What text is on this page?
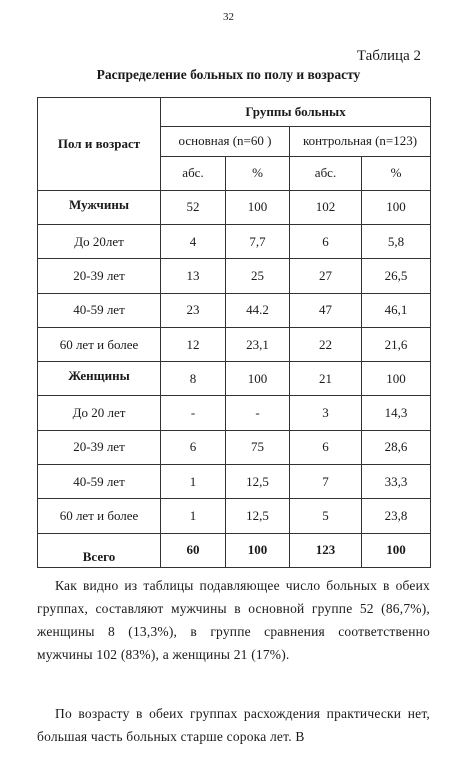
32
Таблица 2
Распределение больных по полу и возрасту
Пол и возраст	Группы больных			
	основная (n=60 )		контрольная (n=123)	
	абс.	%	абс.	%
Мужчины	52	100	102	100
До 20лет	4	7,7	6	5,8
20-39 лет	13	25	27	26,5
40-59 лет	23	44.2	47	46,1
60 лет и более	12	23,1	22	21,6
Женщины	8	100	21	100
До 20 лет	-	-	3	14,3
20-39 лет	6	75	6	28,6
40-59 лет	1	12,5	7	33,3
60 лет и более	1	12,5	5	23,8
Всего	60	100	123	100

Как видно из таблицы подавляющее число больных в обеих группах, составляют мужчины в основной группе 52 (86,7%), женщины 8 (13,3%), в группе сравнения соответственно мужчины 102 (83%), а женщины 21 (17%).

По возрасту в обеих группах расхождения практически нет, большая часть больных старше сорока лет. В
